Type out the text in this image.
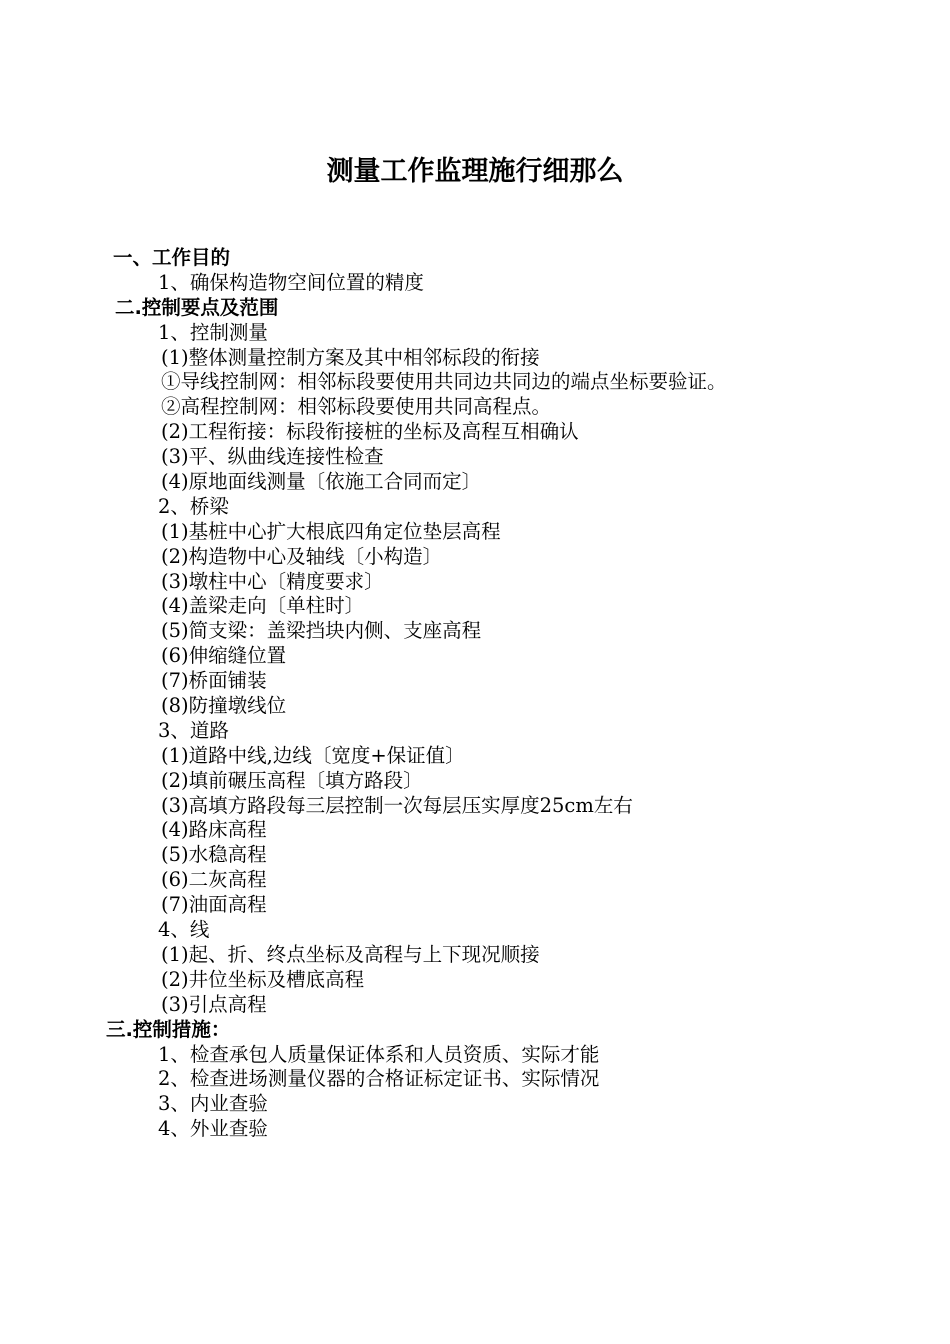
测量工作监理施行细那么
一、工作目的
1、确保构造物空间位置的精度
二.控制要点及范围
1、控制测量
(1)整体测量控制方案及其中相邻标段的衔接
①导线控制网：相邻标段要使用共同边共同边的端点坐标要验证。
②高程控制网：相邻标段要使用共同高程点。
(2)工程衔接：标段衔接桩的坐标及高程互相确认
(3)平、纵曲线连接性检查
(4)原地面线测量〔依施工合同而定〕
2、桥梁
(1)基桩中心扩大根底四角定位垫层高程
(2)构造物中心及轴线〔小构造〕
(3)墩柱中心〔精度要求〕
(4)盖梁走向〔单柱时〕
(5)简支梁：盖梁挡块内侧、支座高程
(6)伸缩缝位置
(7)桥面铺装
(8)防撞墩线位
3、道路
(1)道路中线,边线〔宽度+保证值〕
(2)填前碾压高程〔填方路段〕
(3)高填方路段每三层控制一次每层压实厚度25cm左右
(4)路床高程
(5)水稳高程
(6)二灰高程
(7)油面高程
4、线
(1)起、折、终点坐标及高程与上下现况顺接
(2)井位坐标及槽底高程
(3)引点高程
三.控制措施：
1、检查承包人质量保证体系和人员资质、实际才能
2、检查进场测量仪器的合格证标定证书、实际情况
3、内业查验
4、外业查验
